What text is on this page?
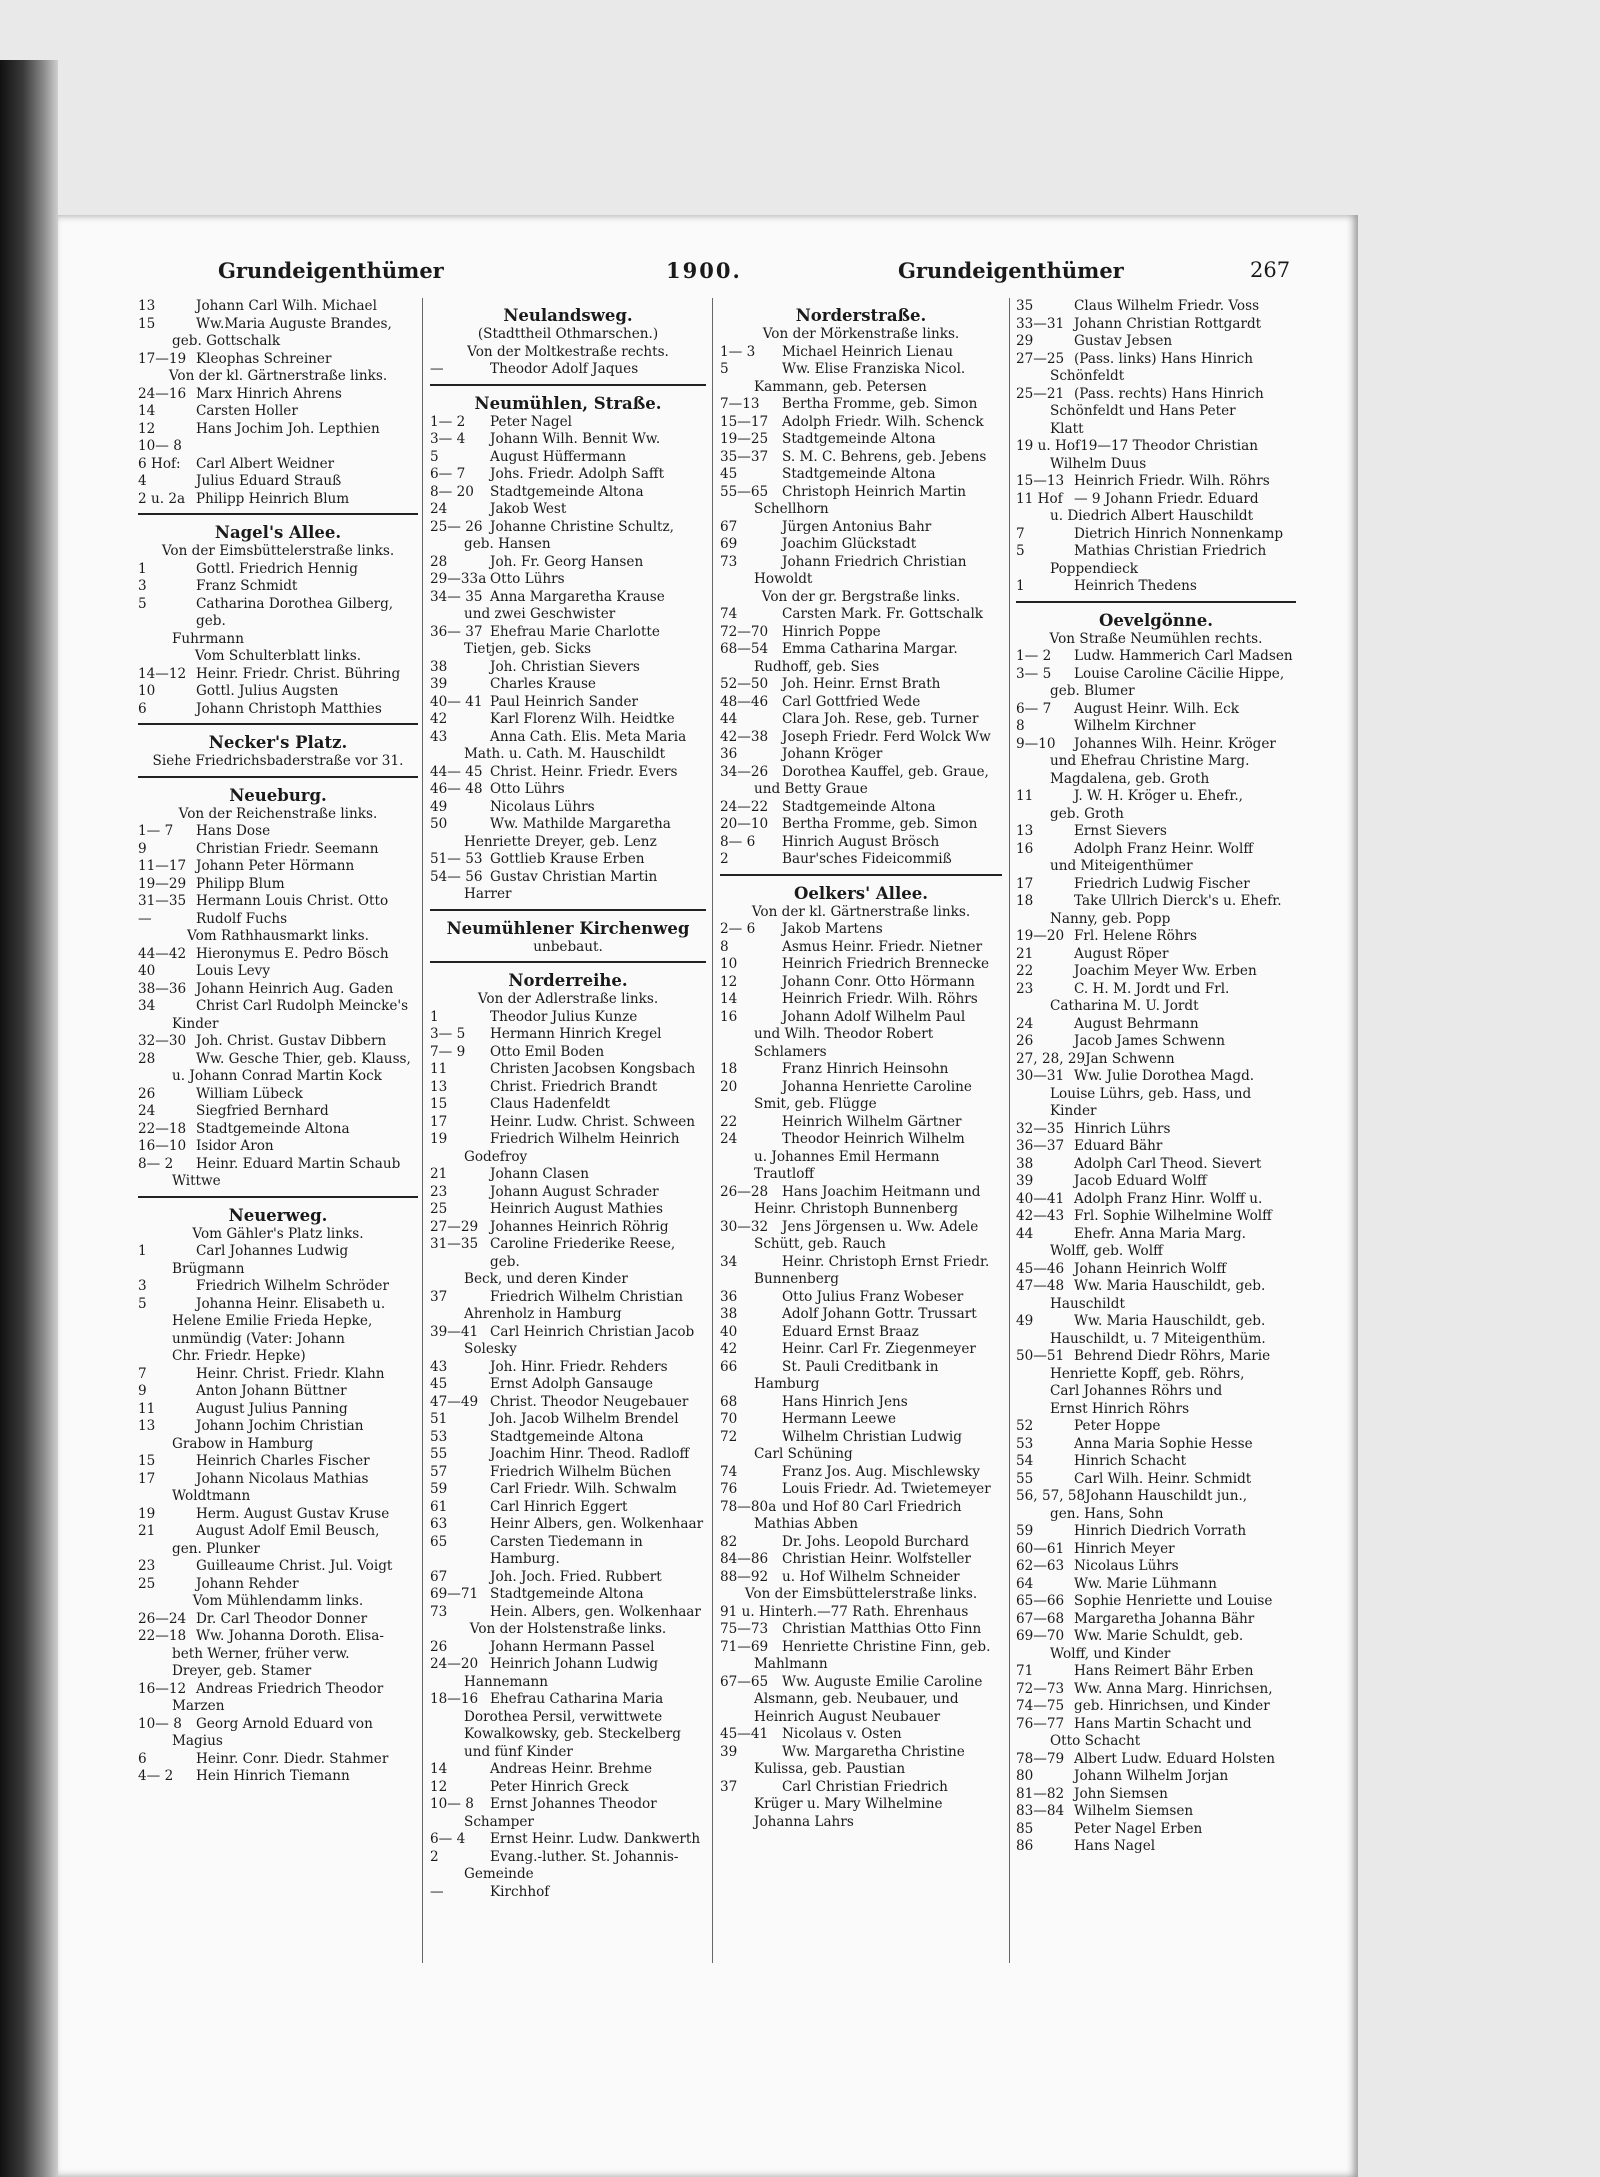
Grundeigenthümer	1900.	Grundeigenthümer	267
13	Johann Carl Wilh. Michael
15	Ww.Maria Auguste Brandes,
geb. Gottschalk
17—19 Kleophas Schreiner
Von der kl. Gärtnerstraße links.
24—16 Marx Hinrich Ahrens
14	Carsten Holler
12	Hans Jochim Joh. Lepthien
10— 8
6 Hof:	Carl Albert Weidner
4	Julius Eduard Strauß
2 u. 2a Philipp Heinrich Blum
Nagel's Allee.
Von der Eimsbüttelerstraße links.
1	Gottl. Friedrich Hennig
3	Franz Schmidt
5	Catharina Dorothea Gilberg, geb.
Fuhrmann
Vom Schulterblatt links.
14—12 Heinr. Friedr. Christ. Bühring
10	Gottl. Julius Augsten
6	Johann Christoph Matthies
Necker's Platz.
Siehe Friedrichsbaderstraße vor 31.
Neueburg.
Von der Reichenstraße links.
1— 7	Hans Dose
9	Christian Friedr. Seemann
11—17 Johann Peter Hörmann
19—29 Philipp Blum
31—35 Hermann Louis Christ. Otto
—	Rudolf Fuchs
Vom Rathhausmarkt links.
44—42 Hieronymus E. Pedro Bösch
40	Louis Levy
38—36 Johann Heinrich Aug. Gaden
34	Christ Carl Rudolph Meincke's
Kinder
32—30 Joh. Christ. Gustav Dibbern
28	Ww. Gesche Thier, geb. Klauss,
u. Johann Conrad Martin Kock
26	William Lübeck
24	Siegfried Bernhard
22—18 Stadtgemeinde Altona
16—10 Isidor Aron
8— 2	Heinr. Eduard Martin Schaub
Wittwe
Neuerweg.
Vom Gähler's Platz links.
1	Carl Johannes Ludwig
Brügmann
3	Friedrich Wilhelm Schröder
5	Johanna Heinr. Elisabeth u.
Helene Emilie Frieda Hepke,
unmündig (Vater: Johann
Chr. Friedr. Hepke)
7	Heinr. Christ. Friedr. Klahn
9	Anton Johann Büttner
11	August Julius Panning
13	Johann Jochim Christian
Grabow in Hamburg
15	Heinrich Charles Fischer
17	Johann Nicolaus Mathias
Woldtmann
19	Herm. August Gustav Kruse
21	August Adolf Emil Beusch,
gen. Plunker
23	Guilleaume Christ. Jul. Voigt
25	Johann Rehder
Vom Mühlendamm links.
26—24 Dr. Carl Theodor Donner
22—18 Ww. Johanna Doroth. Elisa-
beth Werner, früher verw.
Dreyer, geb. Stamer
16—12 Andreas Friedrich Theodor
Marzen
10— 8	Georg Arnold Eduard von
Magius
6	Heinr. Conr. Diedr. Stahmer
4— 2	Hein Hinrich Tiemann
Neulandsweg.
(Stadttheil Othmarschen.)
Von der Moltkestraße rechts.
—	Theodor Adolf Jaques
Neumühlen, Straße.
1— 2	Peter Nagel
3— 4	Johann Wilh. Bennit Ww.
5	August Hüffermann
6— 7	Johs. Friedr. Adolph Safft
8— 20	Stadtgemeinde Altona
24	Jakob West
25— 26 Johanne Christine Schultz,
geb. Hansen
28	Joh. Fr. Georg Hansen
29—33a Otto Lührs
34— 35 Anna Margaretha Krause
und zwei Geschwister
36— 37 Ehefrau Marie Charlotte
Tietjen, geb. Sicks
38	Joh. Christian Sievers
39	Charles Krause
40— 41 Paul Heinrich Sander
42	Karl Florenz Wilh. Heidtke
43	Anna Cath. Elis. Meta Maria
Math. u. Cath. M. Hauschildt
44— 45 Christ. Heinr. Friedr. Evers
46— 48 Otto Lührs
49	Nicolaus Lührs
50	Ww. Mathilde Margaretha
Henriette Dreyer, geb. Lenz
51— 53 Gottlieb Krause Erben
54— 56 Gustav Christian Martin
Harrer
Neumühlener Kirchenweg
unbebaut.
Norderreihe.
Von der Adlerstraße links.
1	Theodor Julius Kunze
3— 5	Hermann Hinrich Kregel
7— 9	Otto Emil Boden
11	Christen Jacobsen Kongsbach
13	Christ. Friedrich Brandt
15	Claus Hadenfeldt
17	Heinr. Ludw. Christ. Schween
19	Friedrich Wilhelm Heinrich
Godefroy
21	Johann Clasen
23	Johann August Schrader
25	Heinrich August Mathies
27—29 Johannes Heinrich Röhrig
31—35 Caroline Friederike Reese, geb.
Beck, und deren Kinder
37	Friedrich Wilhelm Christian
Ahrenholz in Hamburg
39—41 Carl Heinrich Christian Jacob
Solesky
43	Joh. Hinr. Friedr. Rehders
45	Ernst Adolph Gansauge
47—49 Christ. Theodor Neugebauer
51	Joh. Jacob Wilhelm Brendel
53	Stadtgemeinde Altona
55	Joachim Hinr. Theod. Radloff
57	Friedrich Wilhelm Büchen
59	Carl Friedr. Wilh. Schwalm
61	Carl Hinrich Eggert
63	Heinr Albers, gen. Wolkenhaar
65	Carsten Tiedemann in Hamburg.
67	Joh. Joch. Fried. Rubbert
69—71 Stadtgemeinde Altona
73	Hein. Albers, gen. Wolkenhaar
Von der Holstenstraße links.
26	Johann Hermann Passel
24—20 Heinrich Johann Ludwig
Hannemann
18—16 Ehefrau Catharina Maria
Dorothea Persil, verwittwete
Kowalkowsky, geb. Steckelberg
und fünf Kinder
14	Andreas Heinr. Brehme
12	Peter Hinrich Greck
10— 8	Ernst Johannes Theodor
Schamper
6— 4	Ernst Heinr. Ludw. Dankwerth
2	Evang.-luther. St. Johannis-
Gemeinde
—	Kirchhof
Norderstraße.
Von der Mörkenstraße links.
1— 3	Michael Heinrich Lienau
5	Ww. Elise Franziska Nicol.
Kammann, geb. Petersen
7—13	Bertha Fromme, geb. Simon
15—17	Adolph Friedr. Wilh. Schenck
19—25	Stadtgemeinde Altona
35—37	S. M. C. Behrens, geb. Jebens
45	Stadtgemeinde Altona
55—65	Christoph Heinrich Martin
Schellhorn
67	Jürgen Antonius Bahr
69	Joachim Glückstadt
73	Johann Friedrich Christian
Howoldt
Von der gr. Bergstraße links.
74	Carsten Mark. Fr. Gottschalk
72—70	Hinrich Poppe
68—54	Emma Catharina Margar.
Rudhoff, geb. Sies
52—50	Joh. Heinr. Ernst Brath
48—46	Carl Gottfried Wede
44	Clara Joh. Rese, geb. Turner
42—38	Joseph Friedr. Ferd Wolck Ww
36	Johann Kröger
34—26	Dorothea Kauffel, geb. Graue,
und Betty Graue
24—22	Stadtgemeinde Altona
20—10	Bertha Fromme, geb. Simon
8— 6	Hinrich August Brösch
2	Baur'sches Fideicommiß
Oelkers' Allee.
Von der kl. Gärtnerstraße links.
2— 6	Jakob Martens
8	Asmus Heinr. Friedr. Nietner
10	Heinrich Friedrich Brennecke
12	Johann Conr. Otto Hörmann
14	Heinrich Friedr. Wilh. Röhrs
16	Johann Adolf Wilhelm Paul
und Wilh. Theodor Robert
Schlamers
18	Franz Hinrich Heinsohn
20	Johanna Henriette Caroline
Smit, geb. Flügge
22	Heinrich Wilhelm Gärtner
24	Theodor Heinrich Wilhelm
u. Johannes Emil Hermann
Trautloff
26—28	Hans Joachim Heitmann und
Heinr. Christoph Bunnenberg
30—32	Jens Jörgensen u. Ww. Adele
Schütt, geb. Rauch
34	Heinr. Christoph Ernst Friedr.
Bunnenberg
36	Otto Julius Franz Wobeser
38	Adolf Johann Gottr. Trussart
40	Eduard Ernst Braaz
42	Heinr. Carl Fr. Ziegenmeyer
66	St. Pauli Creditbank in
Hamburg
68	Hans Hinrich Jens
70	Hermann Leewe
72	Wilhelm Christian Ludwig
Carl Schüning
74	Franz Jos. Aug. Mischlewsky
76	Louis Friedr. Ad. Twietemeyer
78—80a und Hof 80 Carl Friedrich
Mathias Abben
82	Dr. Johs. Leopold Burchard
84—86	Christian Heinr. Wolfsteller
88—92	u. Hof Wilhelm Schneider
Von der Eimsbüttelerstraße links.
91 u. Hinterh. —77 Rath. Ehrenhaus
75—73	Christian Matthias Otto Finn
71—69	Henriette Christine Finn, geb.
Mahlmann
67—65	Ww. Auguste Emilie Caroline
Alsmann, geb. Neubauer, und
Heinrich August Neubauer
45—41	Nicolaus v. Osten
39	Ww. Margaretha Christine
Kulissa, geb. Paustian
37	Carl Christian Friedrich
Krüger u. Mary Wilhelmine
Johanna Lahrs
35	Claus Wilhelm Friedr. Voss
33—31 Johann Christian Rottgardt
29	Gustav Jebsen
27—25 (Pass. links) Hans Hinrich
Schönfeldt
25—21 (Pass. rechts) Hans Hinrich
Schönfeldt und Hans Peter
Klatt
19 u. Hof 19—17 Theodor Christian
Wilhelm Duus
15—13 Heinrich Friedr. Wilh. Röhrs
11 Hof — 9 Johann Friedr. Eduard
u. Diedrich Albert Hauschildt
7	Dietrich Hinrich Nonnenkamp
5	Mathias Christian Friedrich
Poppendieck
1	Heinrich Thedens
Oevelgönne.
Von Straße Neumühlen rechts.
1— 2	Ludw. Hammerich Carl Madsen
3— 5	Louise Caroline Cäcilie Hippe,
geb. Blumer
6— 7	August Heinr. Wilh. Eck
8	Wilhelm Kirchner
9—10	Johannes Wilh. Heinr. Kröger
und Ehefrau Christine Marg.
Magdalena, geb. Groth
11	J. W. H. Kröger u. Ehefr.,
geb. Groth
13	Ernst Sievers
16	Adolph Franz Heinr. Wolff
und Miteigenthümer
17	Friedrich Ludwig Fischer
18	Take Ullrich Dierck's u. Ehefr.
Nanny, geb. Popp
19—20 Frl. Helene Röhrs
21	August Röper
22	Joachim Meyer Ww. Erben
23	C. H. M. Jordt und Frl.
Catharina M. U. Jordt
24	August Behrmann
26	Jacob James Schwenn
27, 28, 29 Jan Schwenn
30—31 Ww. Julie Dorothea Magd.
Louise Lührs, geb. Hass, und
Kinder
32—35 Hinrich Lührs
36—37 Eduard Bähr
38	Adolph Carl Theod. Sievert
39	Jacob Eduard Wolff
40—41 Adolph Franz Hinr. Wolff u.
42—43 Frl. Sophie Wilhelmine Wolff
44	Ehefr. Anna Maria Marg.
Wolff, geb. Wolff
45—46 Johann Heinrich Wolff
47—48 Ww. Maria Hauschildt, geb.
Hauschildt
49	Ww. Maria Hauschildt, geb.
Hauschildt, u. 7 Miteigenthüm.
50—51 Behrend Diedr Röhrs, Marie
Henriette Kopff, geb. Röhrs,
Carl Johannes Röhrs und
Ernst Hinrich Röhrs
52	Peter Hoppe
53	Anna Maria Sophie Hesse
54	Hinrich Schacht
55	Carl Wilh. Heinr. Schmidt
56, 57, 58 Johann Hauschildt jun.,
gen. Hans, Sohn
59	Hinrich Diedrich Vorrath
60—61 Hinrich Meyer
62—63 Nicolaus Lührs
64	Ww. Marie Lühmann
65—66 Sophie Henriette und Louise
67—68 Margaretha Johanna Bähr
69—70 Ww. Marie Schuldt, geb.
Wolff, und Kinder
71	Hans Reimert Bähr Erben
72—73 Ww. Anna Marg. Hinrichsen,
74—75 geb. Hinrichsen, und Kinder
76—77 Hans Martin Schacht und
Otto Schacht
78—79 Albert Ludw. Eduard Holsten
80	Johann Wilhelm Jorjan
81—82 John Siemsen
83—84 Wilhelm Siemsen
85	Peter Nagel Erben
86	Hans Nagel
